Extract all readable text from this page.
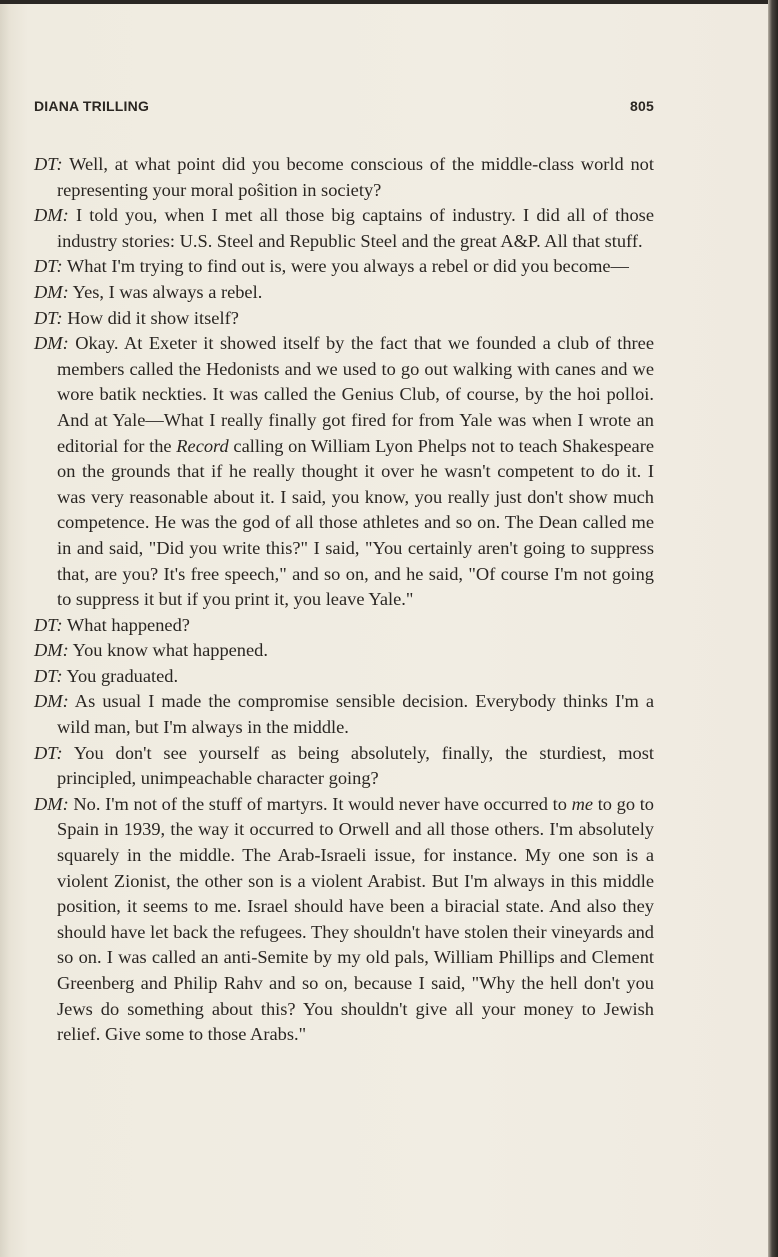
DIANA TRILLING	805

DT: Well, at what point did you become conscious of the middle-class world not representing your moral poŝition in society?

DM: I told you, when I met all those big captains of industry. I did all of those industry stories: U.S. Steel and Republic Steel and the great A&P. All that stuff.

DT: What I'm trying to find out is, were you always a rebel or did you become—

DM: Yes, I was always a rebel.

DT: How did it show itself?

DM: Okay. At Exeter it showed itself by the fact that we founded a club of three members called the Hedonists and we used to go out walking with canes and we wore batik neckties. It was called the Genius Club, of course, by the hoi polloi. And at Yale—What I really finally got fired for from Yale was when I wrote an editorial for the Record calling on William Lyon Phelps not to teach Shakespeare on the grounds that if he really thought it over he wasn't competent to do it. I was very reasonable about it. I said, you know, you really just don't show much competence. He was the god of all those athletes and so on. The Dean called me in and said, "Did you write this?" I said, "You certainly aren't going to suppress that, are you? It's free speech," and so on, and he said, "Of course I'm not going to suppress it but if you print it, you leave Yale."

DT: What happened?

DM: You know what happened.

DT: You graduated.

DM: As usual I made the compromise sensible decision. Everybody thinks I'm a wild man, but I'm always in the middle.

DT: You don't see yourself as being absolutely, finally, the sturdiest, most principled, unimpeachable character going?

DM: No. I'm not of the stuff of martyrs. It would never have occurred to me to go to Spain in 1939, the way it occurred to Orwell and all those others. I'm absolutely squarely in the middle. The Arab-Israeli issue, for instance. My one son is a violent Zionist, the other son is a violent Arabist. But I'm always in this middle position, it seems to me. Israel should have been a biracial state. And also they should have let back the refugees. They shouldn't have stolen their vineyards and so on. I was called an anti-Semite by my old pals, William Phillips and Clement Greenberg and Philip Rahv and so on, because I said, "Why the hell don't you Jews do something about this? You shouldn't give all your money to Jewish relief. Give some to those Arabs."
